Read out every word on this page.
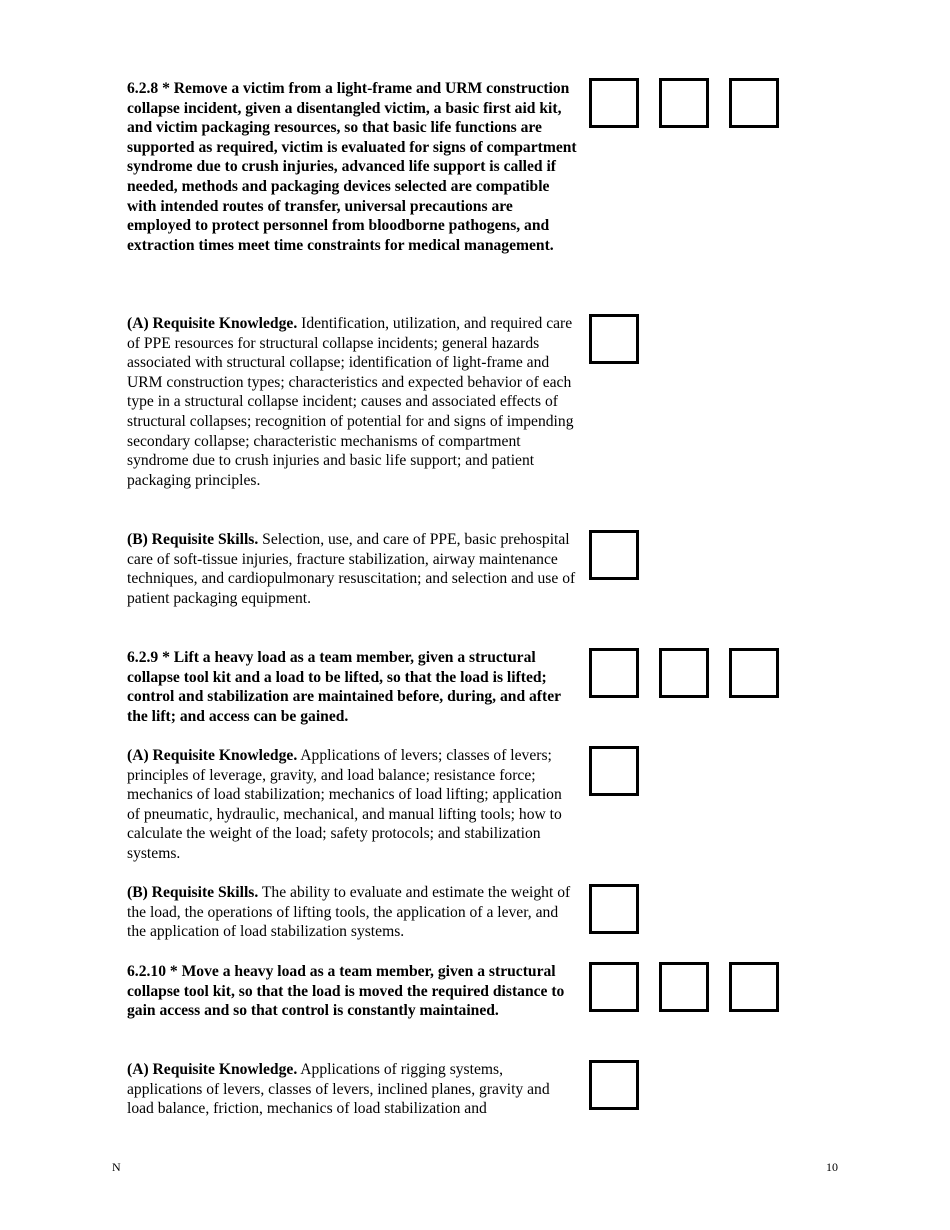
6.2.8 * Remove a victim from a light-frame and URM construction collapse incident, given a disentangled victim, a basic first aid kit, and victim packaging resources, so that basic life functions are supported as required, victim is evaluated for signs of compartment syndrome due to crush injuries, advanced life support is called if needed, methods and packaging devices selected are compatible with intended routes of transfer, universal precautions are employed to protect personnel from bloodborne pathogens, and extraction times meet time constraints for medical management.
(A) Requisite Knowledge. Identification, utilization, and required care of PPE resources for structural collapse incidents; general hazards associated with structural collapse; identification of light-frame and URM construction types; characteristics and expected behavior of each type in a structural collapse incident; causes and associated effects of structural collapses; recognition of potential for and signs of impending secondary collapse; characteristic mechanisms of compartment syndrome due to crush injuries and basic life support; and patient packaging principles.
(B) Requisite Skills. Selection, use, and care of PPE, basic prehospital care of soft-tissue injuries, fracture stabilization, airway maintenance techniques, and cardiopulmonary resuscitation; and selection and use of patient packaging equipment.
6.2.9 * Lift a heavy load as a team member, given a structural collapse tool kit and a load to be lifted, so that the load is lifted; control and stabilization are maintained before, during, and after the lift; and access can be gained.
(A) Requisite Knowledge. Applications of levers; classes of levers; principles of leverage, gravity, and load balance; resistance force; mechanics of load stabilization; mechanics of load lifting; application of pneumatic, hydraulic, mechanical, and manual lifting tools; how to calculate the weight of the load; safety protocols; and stabilization systems.
(B) Requisite Skills. The ability to evaluate and estimate the weight of the load, the operations of lifting tools, the application of a lever, and the application of load stabilization systems.
6.2.10 * Move a heavy load as a team member, given a structural collapse tool kit, so that the load is moved the required distance to gain access and so that control is constantly maintained.
(A) Requisite Knowledge. Applications of rigging systems, applications of levers, classes of levers, inclined planes, gravity and load balance, friction, mechanics of load stabilization and
N	10
